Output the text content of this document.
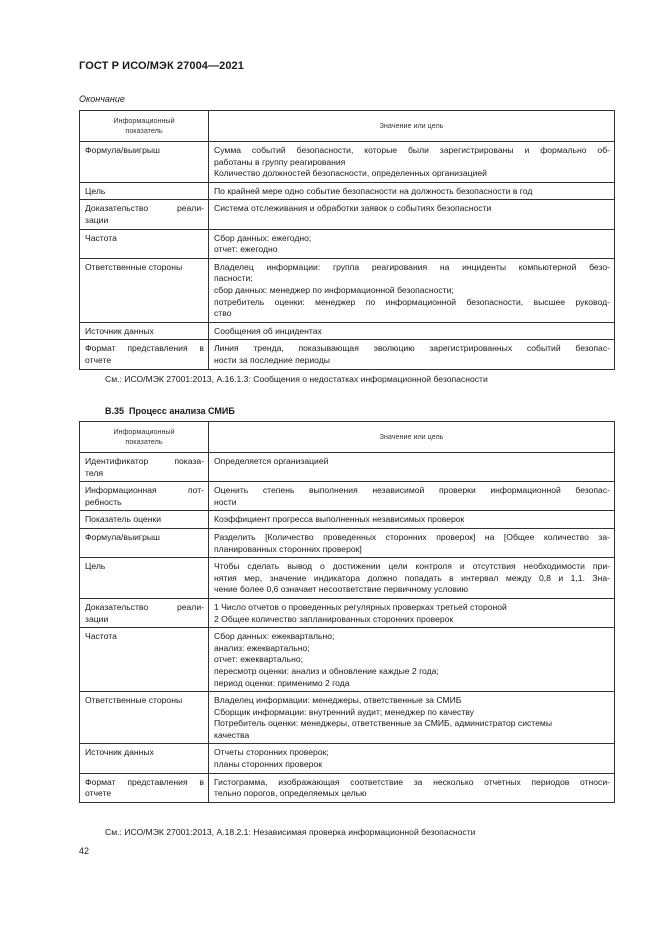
ГОСТ Р ИСО/МЭК 27004—2021
Окончание
Информационный
показатель	Значение или цель

Формула/выигрыш	Сумма событий безопасности, которые были зарегистрированы и формально об-
работаны в группу реагирования
Количество должностей безопасности, определенных организацией

Цель	По крайней мере одно событие безопасности на должность безопасности в год

Доказательство реали-
зации	Система отслеживания и обработки заявок о событиях безопасности

Частота	Сбор данных: ежегодно;
отчет: ежегодно

Ответственные стороны	Владелец информации: группа реагирования на инциденты компьютерной безо-
пасности;
сбор данных: менеджер по информационной безопасности;
потребитель оценки: менеджер по информационной безопасности, высшее руковод-
ство

Источник данных	Сообщения об инцидентах

Формат представления в
отчете	Линия тренда, показывающая эволюцию зарегистрированных событий безопас-
ности за последние периоды
См.: ИСО/МЭК 27001:2013, A.16.1.3: Сообщения о недостатках информационной безопасности
B.35 Процесс анализа СМИБ
Информационный
показатель	Значение или цель

Идентификатор показа-
теля	Определяется организацией

Информационная пот-
ребность	Оценить степень выполнения независимой проверки информационной безопас-
ности

Показатель оценки	Коэффициент прогресса выполненных независимых проверок

Формула/выигрыш	Разделить [Количество проведенных сторонних проверок] на [Общее количество за-
планированных сторонних проверок]

Цель	Чтобы сделать вывод о достижении цели контроля и отсутствия необходимости при-
нятия мер, значение индикатора должно попадать в интервал между 0,8 и 1,1. Зна-
чение более 0,6 означает несоответствие первичному условию

Доказательство реали-
зации	1 Число отчетов о проведенных регулярных проверках третьей стороной
2 Общее количество запланированных сторонних проверок

Частота	Сбор данных: ежеквартально;
анализ: ежеквартально;
отчет: ежеквартально;
пересмотр оценки: анализ и обновление каждые 2 года;
период оценки: применимо 2 года

Ответственные стороны	Владелец информации: менеджеры, ответственные за СМИБ
Сборщик информации: внутренний аудит; менеджер по качеству
Потребитель оценки: менеджеры, ответственные за СМИБ, администратор системы
качества

Источник данных	Отчеты сторонних проверок;
планы сторонних проверок

Формат представления в
отчете	Гистограмма, изображающая соответствие за несколько отчетных периодов относи-
тельно порогов, определяемых целью
См.: ИСО/МЭК 27001:2013, A.18.2.1: Независимая проверка информационной безопасности
42
